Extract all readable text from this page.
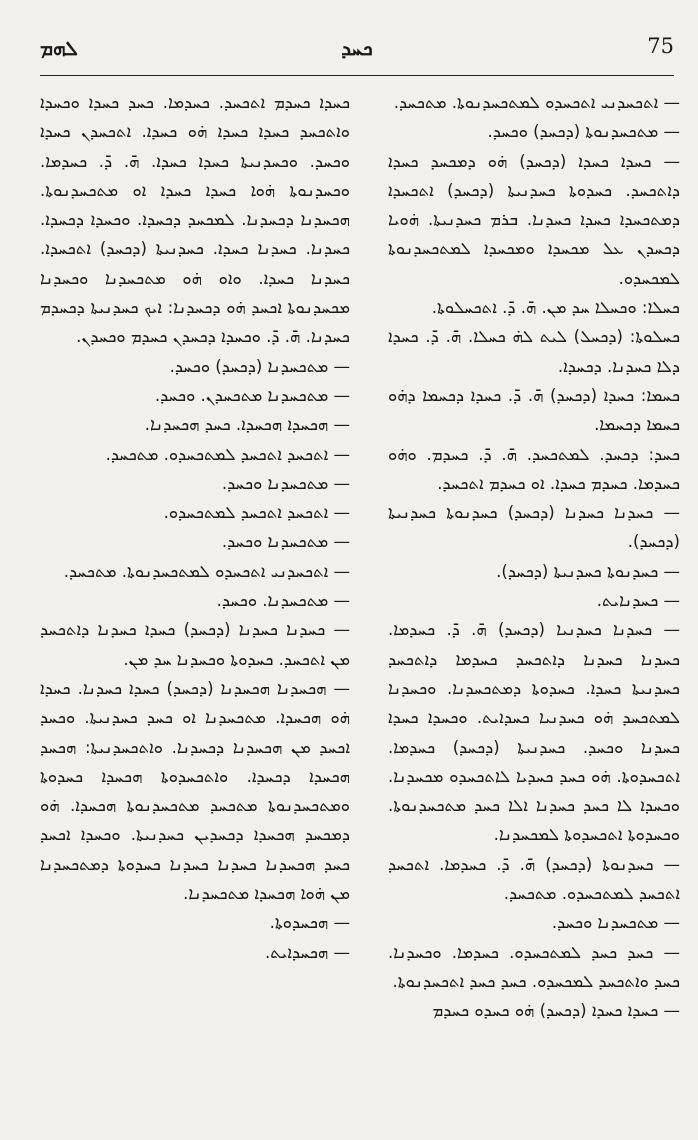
ܠܗܡ	ܟܚܕ	75

— ܐܬܟܚܕܢܝ ܐܬܟܚܕܘ ܠܡܬܟܚܕܢܘܬܐ. ܡܬܟܚܕ.

— ܡܬܟܚܕܢܘܬܐ (ܕܟܚܕ) ܘܟܚܕ.

— ܟܚܕܐ ܟܚܕܐ (ܕܟܚܕ) ܗ̇ܘ ܕܡܟܚܕ ܟܚܕܐ ܕܐܬܟܚܕ. ܟܚܕܘܬܐ ܟܚܕܢܝܬܐ (ܕܟܚܕ) ܐܬܟܚܕܐ ܕܡܬܟܚܕܐ ܟܚܕܐ ܟܚܕܢܐ. ܒܪܡ ܟܚܕܢܝܬܐ. ܗ̇ܘܝܐ ܕܟܚܕܢ ܥܠ ܡܟܚܕܐ ܘܡܟܚܕܐ ܠܡܬܟܚܕܢܘܬܐ ܠܡܟܚܕܘ.

ܟܚܠܐ: ܘܟܚܠܐ ܚܕ ܡܢ. ܗ̄. ܕ̄. ܐܬܟܚܠܘܬܐ.

ܟܚܠܘܬܐ: (ܕܟܚܠ) ܠܝܬ ܠܗ̇ ܟܚܠܐ. ܗ̄. ܕ̄. ܟܚܕܐ ܕܠܐ ܟܚܕܢܐ. ܕܟܚܕܐ.

ܟܚܡܐ: ܟܚܕܐ (ܕܟܚܕ) ܗ̄. ܕ̄. ܟܚܕܐ ܕܟܚܡܐ ܕܗ̇ܘ ܟܚܡܐ ܕܟܚܡܐ.

ܟܚܕ: ܕܟܚܕ. ܠܡܬܟܚܕ. ܗ̄. ܕ̄. ܟܚܕܡ. ܘܗ̇ܘ ܟܚܕܡܐ. ܟܚܕܡ ܟܚܕܐ. ܐܘ ܟܚܕܡ ܐܬܟܚܕ.

— ܟܚܕܢܐ ܟܚܕܢܐ (ܕܟܚܕ) ܟܚܕܢܘܬܐ ܟܚܕܢܝܬܐ (ܕܟܚܕ).

— ܟܚܕܢܘܬܐ ܟܚܕܢܝܬܐ (ܕܟܚܕ).

— ܟܚܕܢܐܝܬ.

— ܟܚܕܢܐ ܟܚܕܢܝܐ (ܕܟܚܕ) ܗ̄. ܕ̄. ܟܚܕܡܐ. ܟܚܕܢܐ ܟܚܕܢܐ ܕܐܬܟܚܕ ܟܚܕܡܐ ܕܐܬܟܚܕ ܟܚܕܢܝܬܐ ܟܚܕܐ. ܟܚܕܘܬܐ ܕܡܬܟܚܕܢܐ. ܘܟܚܕܢܐ ܠܡܬܟܚܕ ܗ̇ܘ ܟܚܕܢܝܐ ܟܚܕܐܝܬ. ܘܟܚܕܐ ܟܚܕܐ ܟܚܕܢܐ ܘܟܚܕ. ܟܚܕܢܝܬܐ (ܕܟܚܕ) ܟܚܕܡܐ. ܐܬܟܚܕܘܬܐ. ܗ̇ܘ ܟܚܕ ܟܚܕܝܐ ܠܐܬܟܚܕܘ ܡܟܚܕܢܐ. ܘܟܚܕܐ ܠܐ ܟܚܕ ܟܚܕܢܐ ܐܠܐ ܟܚܕ ܡܬܟܚܕܢܘܬܐ. ܘܟܚܕܘܬܐ ܐܬܟܚܕܘܬܐ ܠܡܟܚܕܢܐ.

— ܟܚܕܢܘܬܐ (ܕܟܚܕ) ܗ̄. ܕ̄. ܟܚܕܡܐ. ܐܬܟܚܕ ܐܬܟܚܕ ܠܡܬܟܚܕܘ. ܡܬܟܚܕ.

— ܡܬܟܚܕܢܐ ܘܟܚܕ.

— ܟܚܕ ܟܚܕ ܠܡܬܟܚܕܘ. ܟܚܕܡܐ. ܘܟܚܕܢܐ. ܟܚܕ ܘܐܬܟܚܕ ܠܡܟܚܕܘ. ܟܚܕ ܟܚܕ ܐܬܟܚܕܢܘܬܐ.

— ܟܚܕܐ ܟܚܕܐ (ܕܟܚܕ) ܗ̇ܘ ܟܚܕܘ ܟܚܕܡ

ܟܚܕܐ ܟܚܕܡ ܐܬܟܚܕ. ܟܚܕܡܐ. ܟܚܕ ܟܚܕܐ ܘܟܚܕܐ ܘܐܬܟܚܕ ܟܚܕܐ ܟܚܕܐ ܗ̇ܘ ܟܚܕܐ. ܐܬܟܚܕܢ ܟܚܕܐ ܘܟܚܕ. ܘܟܚܕܢܝܬܐ ܟܚܕܐ ܟܚܕܐ. ܗ̄. ܕ̄. ܟܚܕܡܐ. ܘܟܚܕܢܘܬܐ ܗ̇ܘܐ ܟܚܕܐ ܟܚܕܐ ܐܘ ܡܬܟܚܕܢܘܬܐ. ܗܟܚܕܢܐ ܕܟܚܕܢܐ. ܠܡܟܚܕ ܕܟܚܕܐ. ܘܟܚܕܐ ܕܟܚܕܐ. ܟܚܕܢܐ. ܟܚܕܢܐ ܟܚܕܐ. ܟܚܕܢܝܬܐ (ܕܟܚܕ) ܐܬܟܚܕܐ. ܟܚܕܢܐ ܟܚܕܐ. ܘܐܘ ܗ̇ܘ ܡܬܟܚܕܢܐ ܘܟܚܕܢܐ ܡܟܚܕܢܘܬܐ ܐܟܚܕ ܗ̇ܘ ܕܟܚܕܢܐ: ܐܝܟ ܟܚܕܢܝܬܐ ܕܟܚܕܡ ܟܚܕܢܐ. ܗ̄. ܕ̄. ܘܟܚܕܐ ܕܟܚܕܢ ܟܚܕܡ ܘܟܚܕܢ.

— ܡܬܟܚܕܢܐ (ܕܟܚܕ) ܘܟܚܕ.

— ܡܬܟܚܕܢܐ ܡܬܟܚܕܢ. ܘܟܚܕ.

— ܗܟܚܕܐ ܗܟܚܕܐ. ܟܚܕ ܗܟܚܕܢܐ.

— ܐܬܟܚܕ ܐܬܟܚܕ ܠܡܬܟܚܕܘ. ܡܬܟܚܕ.

— ܡܬܟܚܕܢܐ ܘܟܚܕ.

— ܐܬܟܚܕ ܐܬܟܚܕ ܠܡܬܟܚܕܘ.

— ܡܬܟܚܕܢܐ ܘܟܚܕ.

— ܐܬܟܚܕܢܝ ܐܬܟܚܕܘ ܠܡܬܟܚܕܢܘܬܐ. ܡܬܟܚܕ.

— ܡܬܟܚܕܢܐ. ܘܟܚܕ.

— ܟܚܕܢܐ ܟܚܕܢܐ (ܕܟܚܕ) ܟܚܕܐ ܟܚܕܢܐ ܕܐܬܟܚܕ ܡܢ ܐܬܟܚܕ. ܟܚܕܘܬܐ ܘܟܚܕܢܐ ܚܕ ܡܢ.

— ܗܟܚܕܢܐ ܗܟܚܕܢܐ (ܕܟܚܕ) ܟܚܕܐ ܟܚܕܢܐ. ܟܚܕܐ ܗ̇ܘ ܗܟܚܕܐ. ܡܬܟܚܕܢܐ ܐܘ ܟܚܕ ܟܚܕܢܝܬܐ. ܘܟܚܕ ܐܟܚܕ ܡܢ ܗܟܚܕܢܐ ܕܟܚܕܢܐ. ܘܐܬܟܚܕܢܝܬܐ: ܗܟܚܕ ܗܟܚܕܐ ܕܟܚܕܐ. ܘܐܬܟܚܕܘܬܐ ܗܟܚܕܐ ܟܚܕܘܬܐ ܘܡܬܟܚܕܢܘܬܐ ܡܬܟܚܕ ܡܬܟܚܕܢܘܬܐ ܗܟܚܕܐ. ܗ̇ܘ ܕܡܟܚܕ ܗܟܚܕܐ ܕܟܚܕܝܢ ܟܚܕܢܝܬܐ. ܘܟܚܕܐ ܐܟܚܕ ܟܚܕ ܗܟܚܕܢܐ ܟܚܕܢܐ ܟܚܕܢܐ ܟܚܕܘܬܐ ܕܡܬܟܚܕܢܐ ܡܢ ܗ̇ܘܐ ܗܟܚܕܐ ܡܬܟܚܕܢܐ.

— ܗܟܚܕܘܬܐ.

— ܗܟܚܕܐܝܬ.
